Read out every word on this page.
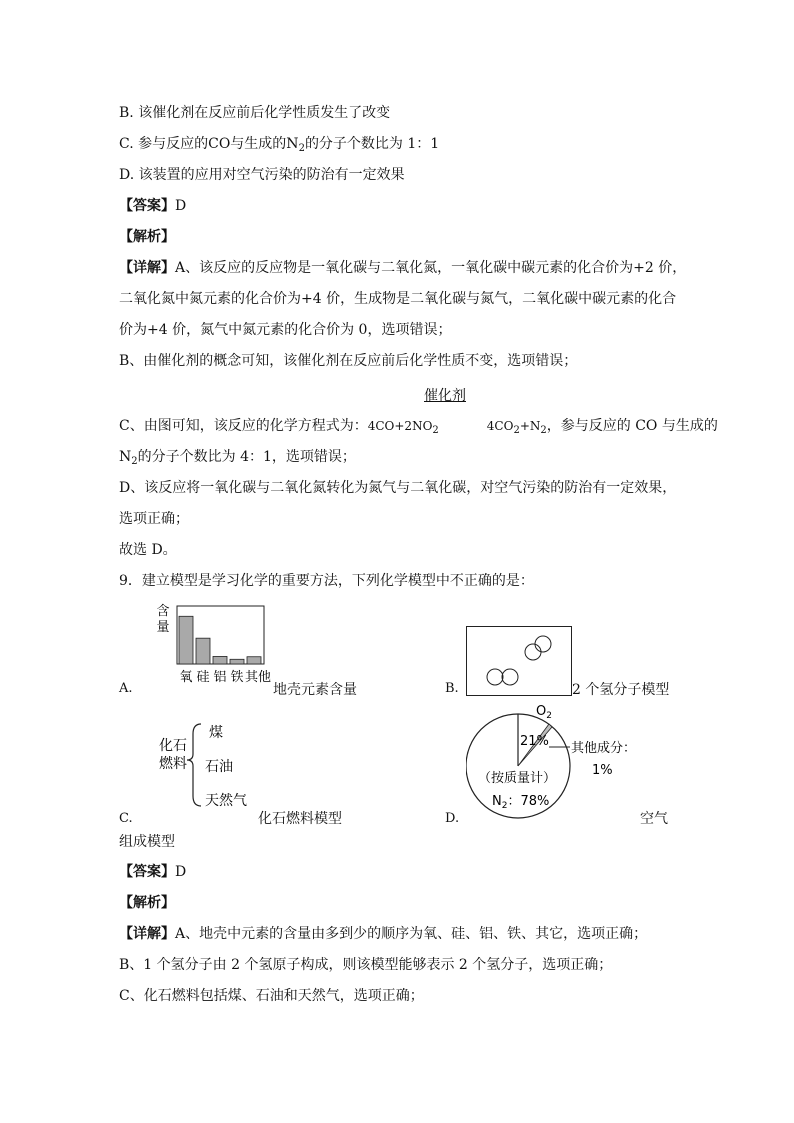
B. 该催化剂在反应前后化学性质发生了改变
C. 参与反应的CO与生成的$N_2$的分子个数比为 1：1
D. 该装置的应用对空气污染的防治有一定效果
【答案】D
【解析】
【详解】A、该反应的反应物是一氧化碳与二氧化氮，一氧化碳中碳元素的化合价为+2 价，
二氧化氮中氮元素的化合价为+4 价，生成物是二氧化碳与氮气，二氧化碳中碳元素的化合
价为+4 价，氮气中氮元素的化合价为 0，选项错误；
B、由催化剂的概念可知，该催化剂在反应前后化学性质不变，选项错误；
催化剂
C、由图可知，该反应的化学方程式为：$4CO+2NO_2$	$4CO_2+N_2$，参与反应的 CO 与生成的
$N_2$的分子个数比为 4：1，选项错误；
D、该反应将一氧化碳与二氧化氮转化为氮气与二氧化碳，对空气污染的防治有一定效果，
选项正确；
故选 D。
9．建立模型是学习化学的重要方法，下列化学模型中不正确的是：
含
量
氧 硅 铝 铁 其他
A.	地壳元素含量	B.	2 个氢分子模型
化石
燃料
煤
石油
天然气
C.	化石燃料模型
$O_2$
21% 其他成分：
1%
（按质量计）
$N_2$：78%
D.	空气
组成模型
【答案】D
【解析】
【详解】A、地壳中元素的含量由多到少的顺序为氧、硅、铝、铁、其它，选项正确；
B、1 个氢分子由 2 个氢原子构成，则该模型能够表示 2 个氢分子，选项正确；
C、化石燃料包括煤、石油和天然气，选项正确；
